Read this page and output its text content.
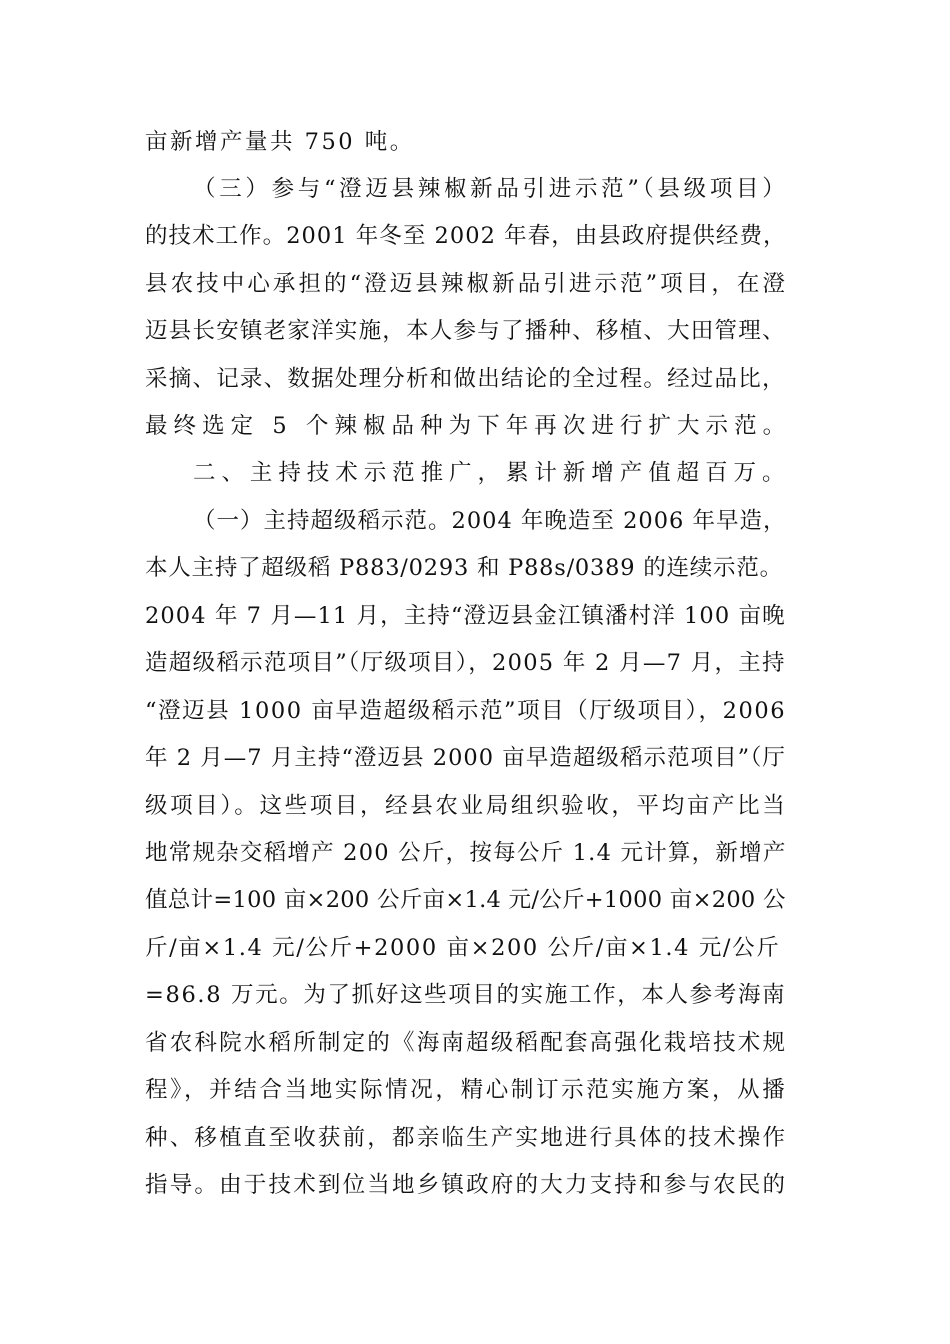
亩新增产量共 750 吨。
（三）参与“澄迈县辣椒新品引进示范”（县级项目）
的技术工作。2001 年冬至 2002 年春，由县政府提供经费，
县农技中心承担的“澄迈县辣椒新品引进示范”项目，在澄
迈县长安镇老家洋实施，本人参与了播种、移植、大田管理、
采摘、记录、数据处理分析和做出结论的全过程。经过品比，
最终选定 5 个辣椒品种为下年再次进行扩大示范。
二、主持技术示范推广，累计新增产值超百万。
（一）主持超级稻示范。2004 年晚造至 2006 年早造，
本人主持了超级稻 P883/0293 和 P88s/0389 的连续示范。
2004 年 7 月—11 月，主持“澄迈县金江镇潘村洋 100 亩晚
造超级稻示范项目”（厅级项目），2005 年 2 月—7 月，主持
“澄迈县 1000 亩早造超级稻示范”项目（厅级项目），2006
年 2 月—7 月主持“澄迈县 2000 亩早造超级稻示范项目”（厅
级项目）。这些项目，经县农业局组织验收，平均亩产比当
地常规杂交稻增产 200 公斤，按每公斤 1.4 元计算，新增产
值总计=100 亩×200 公斤亩×1.4 元/公斤+1000 亩×200 公
斤/亩×1.4 元/公斤+2000 亩×200 公斤/亩×1.4 元/公斤
=86.8 万元。为了抓好这些项目的实施工作，本人参考海南
省农科院水稻所制定的《海南超级稻配套高强化栽培技术规
程》，并结合当地实际情况，精心制订示范实施方案，从播
种、移植直至收获前，都亲临生产实地进行具体的技术操作
指导。由于技术到位当地乡镇政府的大力支持和参与农民的
